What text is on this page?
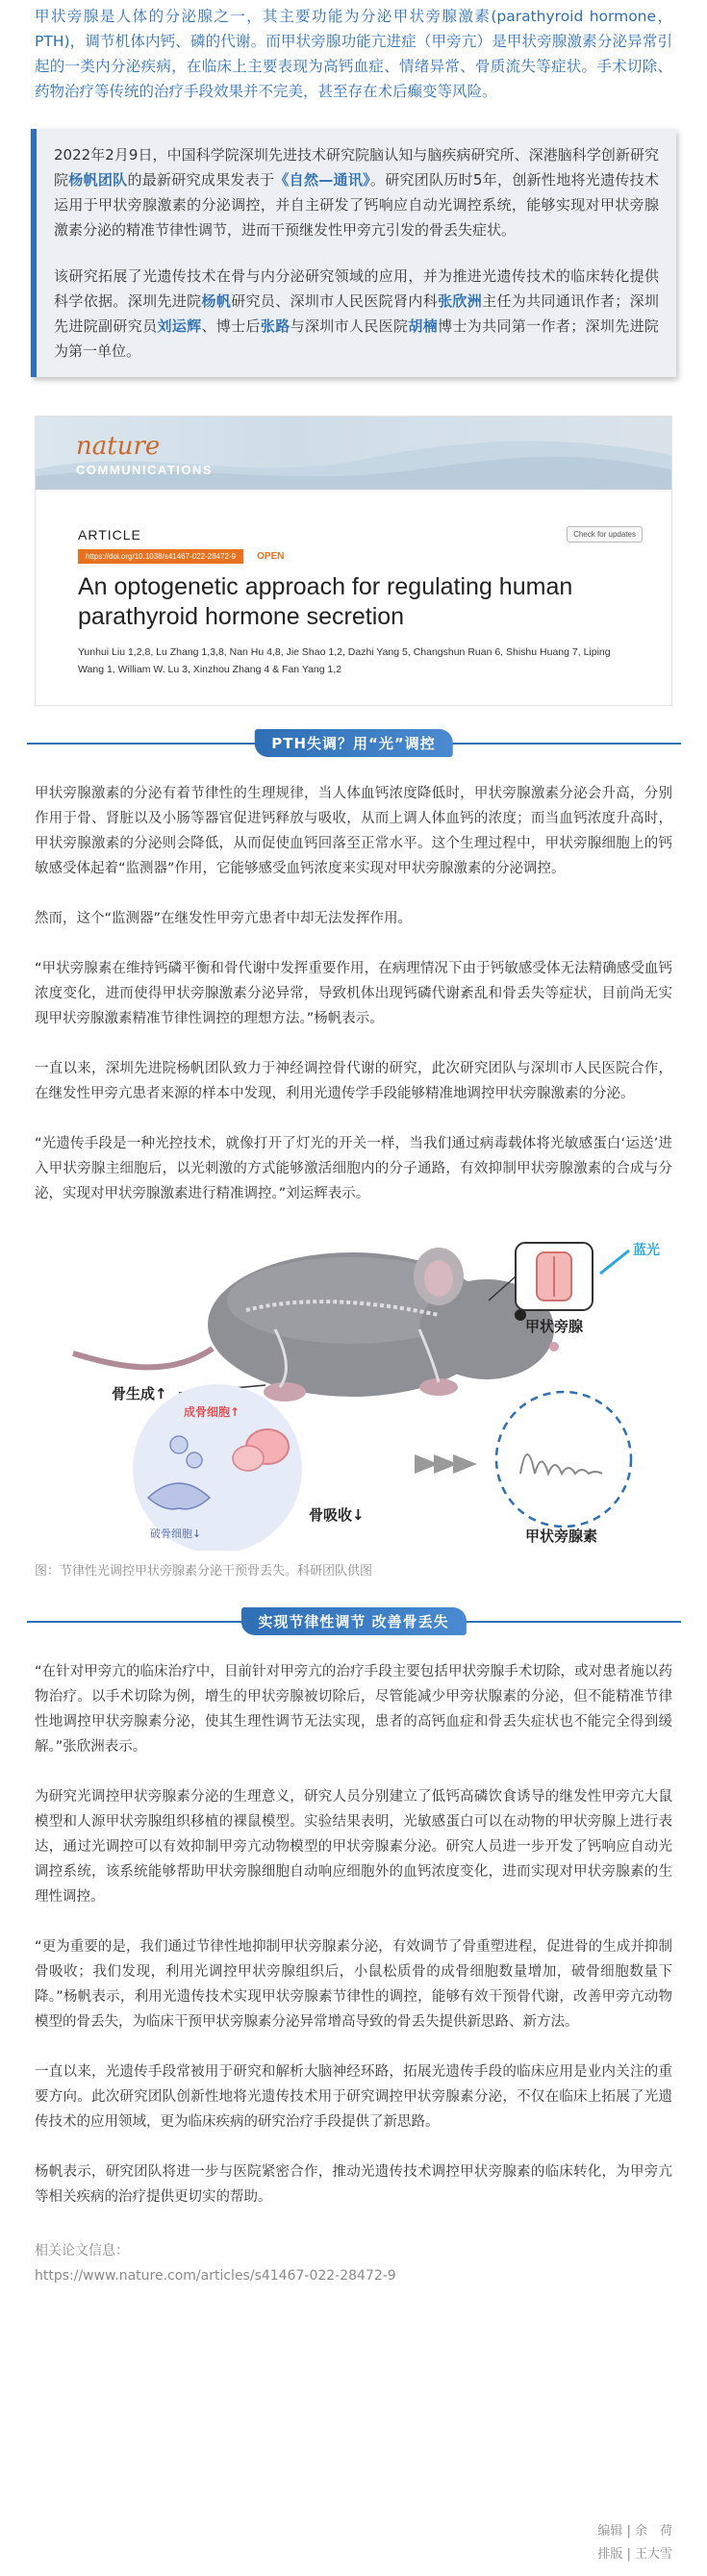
甲状旁腺是人体的分泌腺之一，其主要功能为分泌甲状旁腺激素(parathyroid hormone，PTH)，调节机体内钙、磷的代谢。而甲状旁腺功能亢进症（甲旁亢）是甲状旁腺激素分泌异常引起的一类内分泌疾病，在临床上主要表现为高钙血症、情绪异常、骨质流失等症状。手术切除、药物治疗等传统的治疗手段效果并不完美，甚至存在术后癫变等风险。

2022年2月9日，中国科学院深圳先进技术研究院脑认知与脑疾病研究所、深港脑科学创新研究院杨帆团队的最新研究成果发表于《自然—通讯》。研究团队历时5年，创新性地将光遗传技术运用于甲状旁腺激素的分泌调控，并自主研发了钙响应自动光调控系统，能够实现对甲状旁腺激素分泌的精准节律性调节，进而干预继发性甲旁亢引发的骨丢失症状。

该研究拓展了光遗传技术在骨与内分泌研究领域的应用，并为推进光遗传技术的临床转化提供科学依据。深圳先进院杨帆研究员、深圳市人民医院肾内科张欣洲主任为共同通讯作者；深圳先进院副研究员刘运辉、博士后张路与深圳市人民医院胡楠博士为共同第一作者；深圳先进院为第一单位。

nature
COMMUNICATIONS
ARTICLE	Check for updates
https://doi.org/10.1038/s41467-022-28472-9	OPEN
An optogenetic approach for regulating human parathyroid hormone secretion
Yunhui Liu 1,2,8, Lu Zhang 1,3,8, Nan Hu 4,8, Jie Shao 1,2, Dazhi Yang 5, Changshun Ruan 6, Shishu Huang 7, Liping Wang 1, William W. Lu 3, Xinzhou Zhang 4 & Fan Yang 1,2
PTH失调？用“光”调控

甲状旁腺激素的分泌有着节律性的生理规律，当人体血钙浓度降低时，甲状旁腺激素分泌会升高，分别作用于骨、肾脏以及小肠等器官促进钙释放与吸收，从而上调人体血钙的浓度；而当血钙浓度升高时，甲状旁腺激素的分泌则会降低，从而促使血钙回落至正常水平。这个生理过程中，甲状旁腺细胞上的钙敏感受体起着“监测器”作用，它能够感受血钙浓度来实现对甲状旁腺激素的分泌调控。

然而，这个“监测器”在继发性甲旁亢患者中却无法发挥作用。

“甲状旁腺素在维持钙磷平衡和骨代谢中发挥重要作用，在病理情况下由于钙敏感受体无法精确感受血钙浓度变化，进而使得甲状旁腺激素分泌异常，导致机体出现钙磷代谢紊乱和骨丢失等症状，目前尚无实现甲状旁腺激素精准节律性调控的理想方法。”杨帆表示。

一直以来，深圳先进院杨帆团队致力于神经调控骨代谢的研究，此次研究团队与深圳市人民医院合作，在继发性甲旁亢患者来源的样本中发现，利用光遗传学手段能够精准地调控甲状旁腺激素的分泌。

“光遗传手段是一种光控技术，就像打开了灯光的开关一样，当我们通过病毒载体将光敏感蛋白‘运送’进入甲状旁腺主细胞后，以光刺激的方式能够激活细胞内的分子通路，有效抑制甲状旁腺激素的合成与分泌，实现对甲状旁腺激素进行精准调控。”刘运辉表示。

蓝光
甲状旁腺
骨生成↑
成骨细胞↑
破骨细胞↓
骨吸收↓
甲状旁腺素
图：节律性光调控甲状旁腺素分泌干预骨丢失。科研团队供图
实现节律性调节 改善骨丢失

“在针对甲旁亢的临床治疗中，目前针对甲旁亢的治疗手段主要包括甲状旁腺手术切除，或对患者施以药物治疗。以手术切除为例，增生的甲状旁腺被切除后，尽管能减少甲旁状腺素的分泌，但不能精准节律性地调控甲状旁腺素分泌，使其生理性调节无法实现，患者的高钙血症和骨丢失症状也不能完全得到缓解。”张欣洲表示。

为研究光调控甲状旁腺素分泌的生理意义，研究人员分别建立了低钙高磷饮食诱导的继发性甲旁亢大鼠模型和人源甲状旁腺组织移植的裸鼠模型。实验结果表明，光敏感蛋白可以在动物的甲状旁腺上进行表达，通过光调控可以有效抑制甲旁亢动物模型的甲状旁腺素分泌。研究人员进一步开发了钙响应自动光调控系统，该系统能够帮助甲状旁腺细胞自动响应细胞外的血钙浓度变化，进而实现对甲状旁腺素的生理性调控。

“更为重要的是，我们通过节律性地抑制甲状旁腺素分泌，有效调节了骨重塑进程，促进骨的生成并抑制骨吸收；我们发现，利用光调控甲状旁腺组织后，小鼠松质骨的成骨细胞数量增加，破骨细胞数量下降。”杨帆表示，利用光遗传技术实现甲状旁腺素节律性的调控，能够有效干预骨代谢，改善甲旁亢动物模型的骨丢失，为临床干预甲状旁腺素分泌异常增高导致的骨丢失提供新思路、新方法。

一直以来，光遗传手段常被用于研究和解析大脑神经环路，拓展光遗传手段的临床应用是业内关注的重要方向。此次研究团队创新性地将光遗传技术用于研究调控甲状旁腺素分泌，不仅在临床上拓展了光遗传技术的应用领域，更为临床疾病的研究治疗手段提供了新思路。

杨帆表示，研究团队将进一步与医院紧密合作，推动光遗传技术调控甲状旁腺素的临床转化，为甲旁亢等相关疾病的治疗提供更切实的帮助。

相关论文信息：
https://www.nature.com/articles/s41467-022-28472-9
编辑 | 余　荷
排版 | 王大雪
